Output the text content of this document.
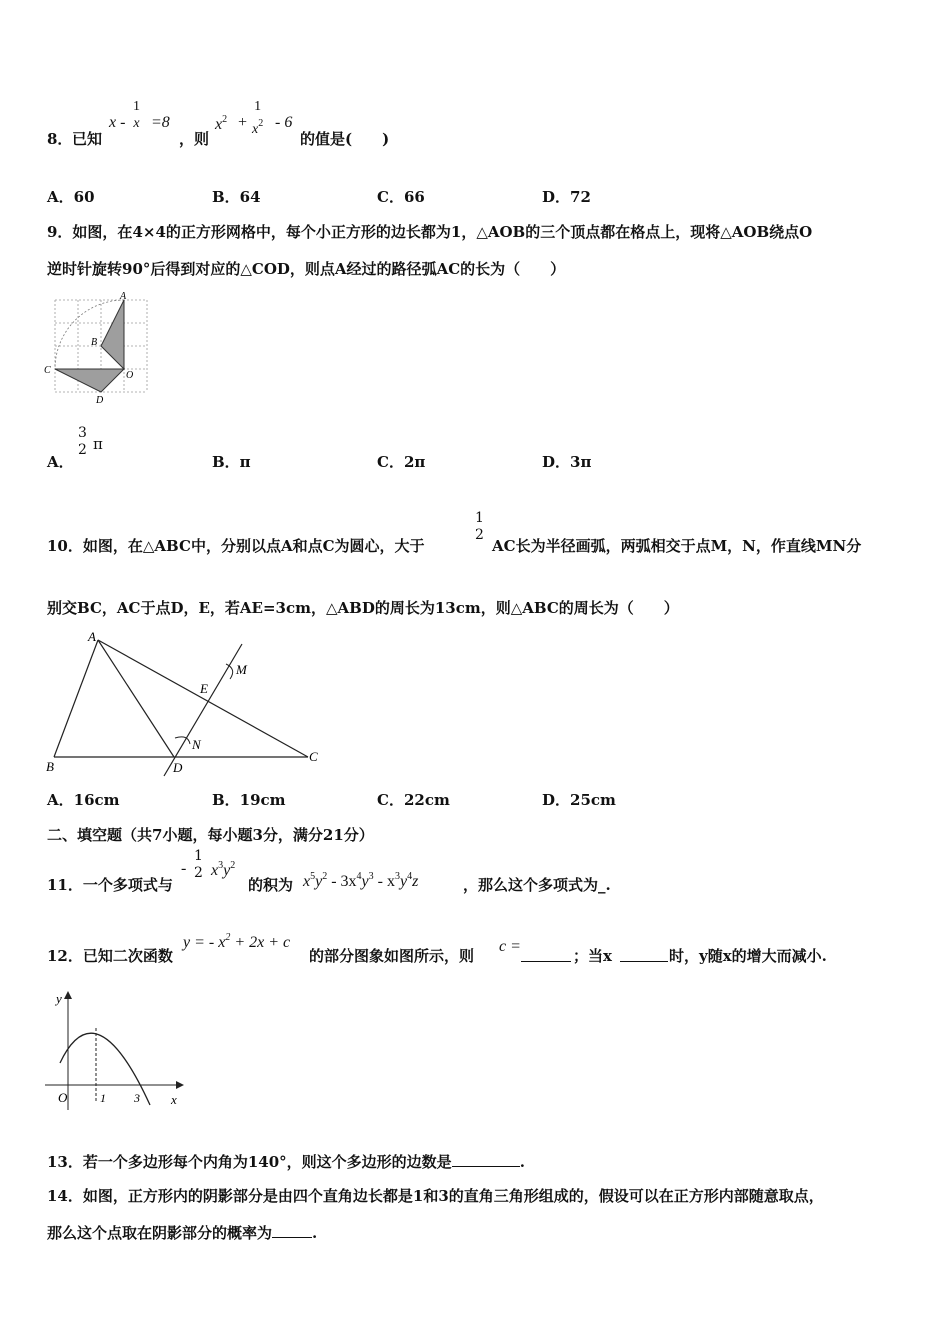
8． 已知
x -
1
x =8
，则
$x^2$ +
1
$x^2 - 6$
的值是(　　)
A．60	B．64	C．66	D．72
9．如图，在4×4的正方形网格中，每个小正方形的边长都为1，△AOB的三个顶点都在格点上，现将△AOB绕点O
逆时针旋转90°后得到对应的△COD，则点A经过的路径弧AC的长为（　　）
A
B
C
D
O
A．
3
2 π
B．π	C．2π	D．3π
10．如图，在△ABC中，分别以点A和点C为圆心，大于
1
2
AC长为半径画弧，两弧相交于点M，N，作直线MN分
别交BC，AC于点D，E，若AE=3cm，△ABD的周长为13cm，则△ABC的周长为（　　）
A
B
C
D
E
M
N
A．16cm	B．19cm	C．22cm	D．25cm
二、填空题（共7小题，每小题3分，满分21分）
11．一个多项式与
-
1
2 $x^3y^2$
的积为 $x^5y^2 - 3x^4y^3 - x^3y^4z$	，那么这个多项式为_.
12．已知二次函数
y = - $x^2 + 2x + c$
的部分图象如图所示，则
c =
；当x	时，y随x的增大而减小.
y
x
O	1 3
13．若一个多边形每个内角为140°，则这个多边形的边数是	.
14．如图，正方形内的阴影部分是由四个直角边长都是1和3的直角三角形组成的，假设可以在正方形内部随意取点，
那么这个点取在阴影部分的概率为	.
